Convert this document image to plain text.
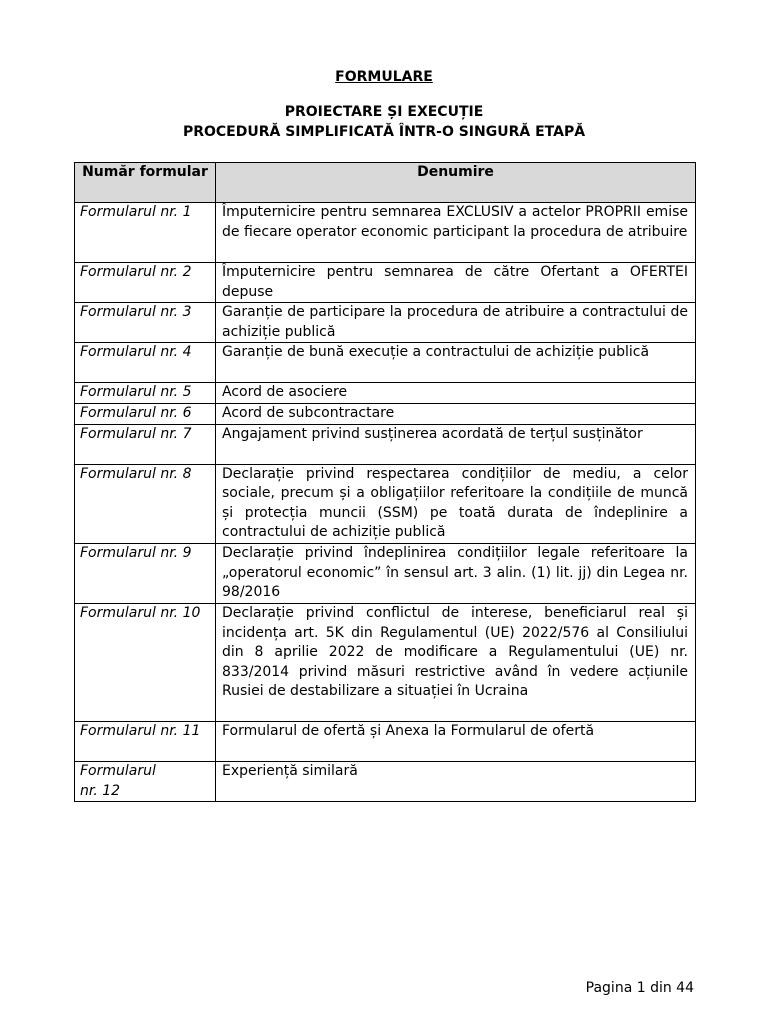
FORMULARE

PROIECTARE ȘI EXECUȚIE

PROCEDURĂ SIMPLIFICATĂ ÎNTR-O SINGURĂ ETAPĂ

Număr formular	Denumire
Formularul nr. 1	Împuternicire pentru semnarea EXCLUSIV a actelor PROPRII emise de fiecare operator economic participant la procedura de atribuire
Formularul nr. 2	Împuternicire pentru semnarea de către Ofertant a OFERTEI depuse
Formularul nr. 3	Garanție de participare la procedura de atribuire a contractului de achiziție publică
Formularul nr. 4	Garanție de bună execuție a contractului de achiziție publică
Formularul nr. 5	Acord de asociere
Formularul nr. 6	Acord de subcontractare
Formularul nr. 7	Angajament privind susținerea acordată de terțul susținător
Formularul nr. 8	Declarație privind respectarea condițiilor de mediu, a celor sociale, precum și a obligațiilor referitoare la condițiile de muncă și protecția muncii (SSM) pe toată durata de îndeplinire a contractului de achiziție publică
Formularul nr. 9	Declarație privind îndeplinirea condițiilor legale referitoare la „operatorul economic” în sensul art. 3 alin. (1) lit. jj) din Legea nr. 98/2016
Formularul nr. 10	Declarație privind conflictul de interese, beneficiarul real și incidența art. 5K din Regulamentul (UE) 2022/576 al Consiliului din 8 aprilie 2022 de modificare a Regulamentului (UE) nr. 833/2014 privind măsuri restrictive având în vedere acțiunile Rusiei de destabilizare a situației în Ucraina
Formularul nr. 11	Formularul de ofertă și Anexa la Formularul de ofertă
Formularul nr. 12	Experiență similară
Pagina 1 din 44
